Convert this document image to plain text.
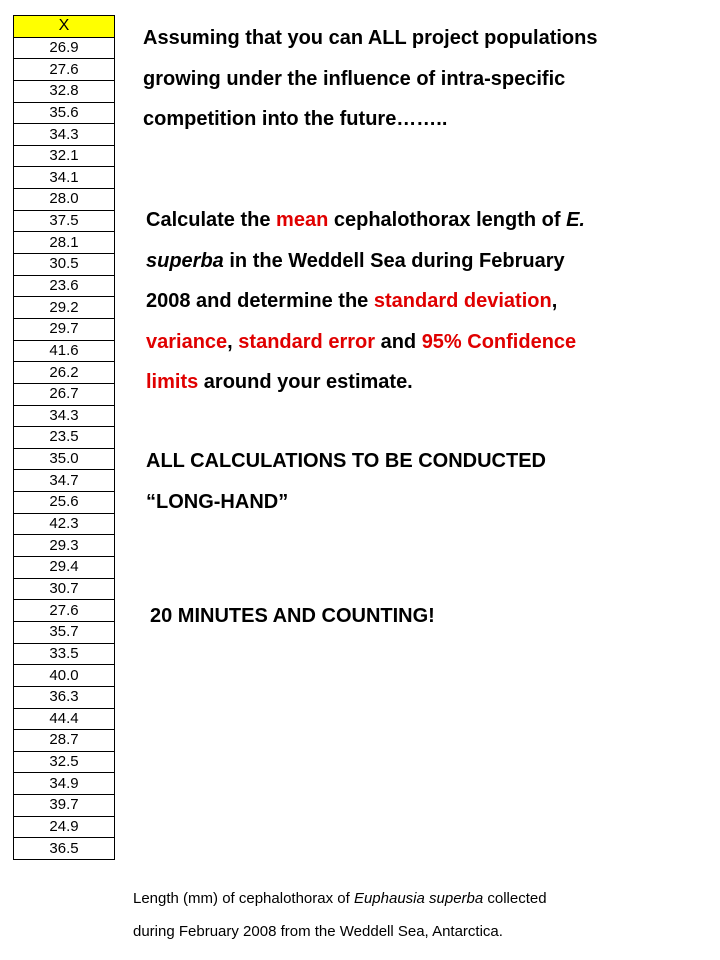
X
26.9
27.6
32.8
35.6
34.3
32.1
34.1
28.0
37.5
28.1
30.5
23.6
29.2
29.7
41.6
26.2
26.7
34.3
23.5
35.0
34.7
25.6
42.3
29.3
29.4
30.7
27.6
35.7
33.5
40.0
36.3
44.4
28.7
32.5
34.9
39.7
24.9
36.5
Assuming that you can ALL project populations
growing under the influence of intra-specific
competition into the future……..
Calculate the mean cephalothorax length of E.
superba in the Weddell Sea during February
2008 and determine the standard deviation,
variance, standard error and 95% Confidence
limits around your estimate.
ALL CALCULATIONS TO BE CONDUCTED
“LONG-HAND”
20 MINUTES AND COUNTING!
Length (mm) of cephalothorax of Euphausia superba collected
during February 2008 from the Weddell Sea, Antarctica.
